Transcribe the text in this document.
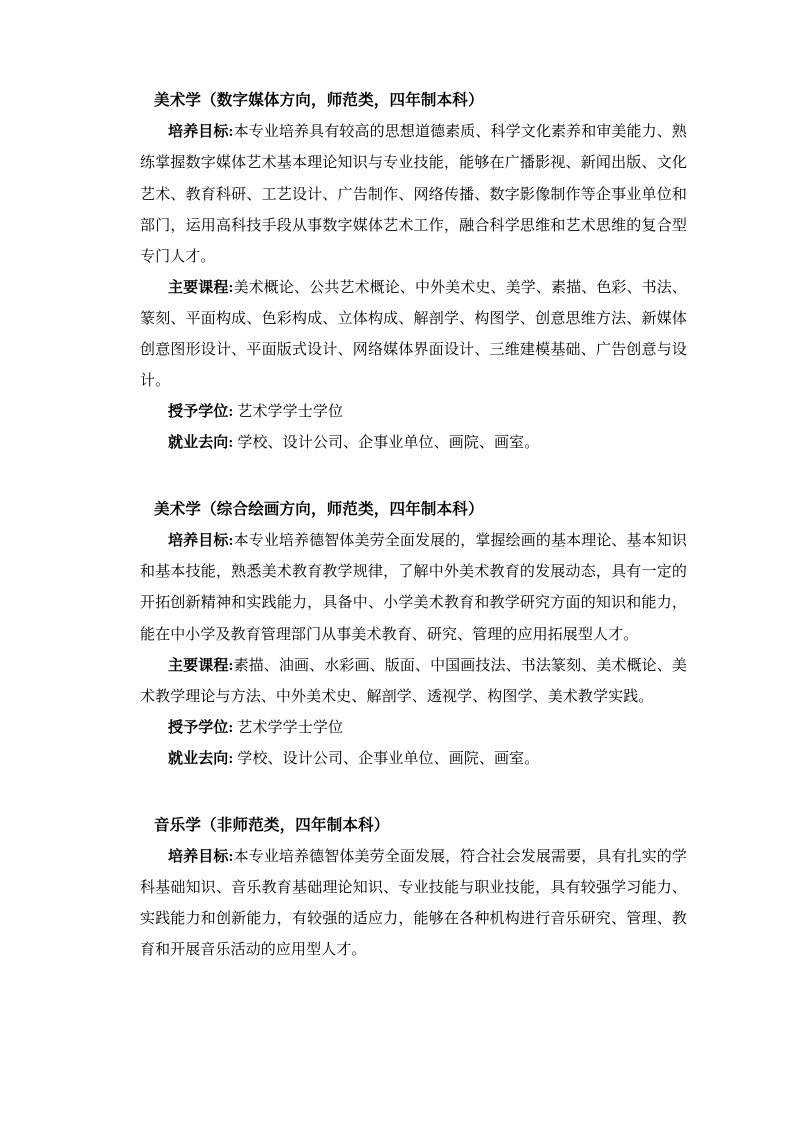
美术学（数字媒体方向，师范类，四年制本科）

培养目标:本专业培养具有较高的思想道德素质、科学文化素养和审美能力、熟练掌握数字媒体艺术基本理论知识与专业技能，能够在广播影视、新闻出版、文化艺术、教育科研、工艺设计、广告制作、网络传播、数字影像制作等企事业单位和部门，运用高科技手段从事数字媒体艺术工作，融合科学思维和艺术思维的复合型专门人才。

主要课程:美术概论、公共艺术概论、中外美术史、美学、素描、色彩、书法、篆刻、平面构成、色彩构成、立体构成、解剖学、构图学、创意思维方法、新媒体创意图形设计、平面版式设计、网络媒体界面设计、三维建模基础、广告创意与设计。

授予学位: 艺术学学士学位

就业去向: 学校、设计公司、企事业单位、画院、画室。

美术学（综合绘画方向，师范类，四年制本科）

培养目标:本专业培养德智体美劳全面发展的，掌握绘画的基本理论、基本知识和基本技能，熟悉美术教育教学规律，了解中外美术教育的发展动态，具有一定的开拓创新精神和实践能力，具备中、小学美术教育和教学研究方面的知识和能力，能在中小学及教育管理部门从事美术教育、研究、管理的应用拓展型人才。

主要课程:素描、油画、水彩画、版面、中国画技法、书法篆刻、美术概论、美术教学理论与方法、中外美术史、解剖学、透视学、构图学、美术教学实践。

授予学位: 艺术学学士学位

就业去向: 学校、设计公司、企事业单位、画院、画室。

音乐学（非师范类，四年制本科）

培养目标:本专业培养德智体美劳全面发展，符合社会发展需要，具有扎实的学科基础知识、音乐教育基础理论知识、专业技能与职业技能，具有较强学习能力、实践能力和创新能力，有较强的适应力，能够在各种机构进行音乐研究、管理、教育和开展音乐活动的应用型人才。
